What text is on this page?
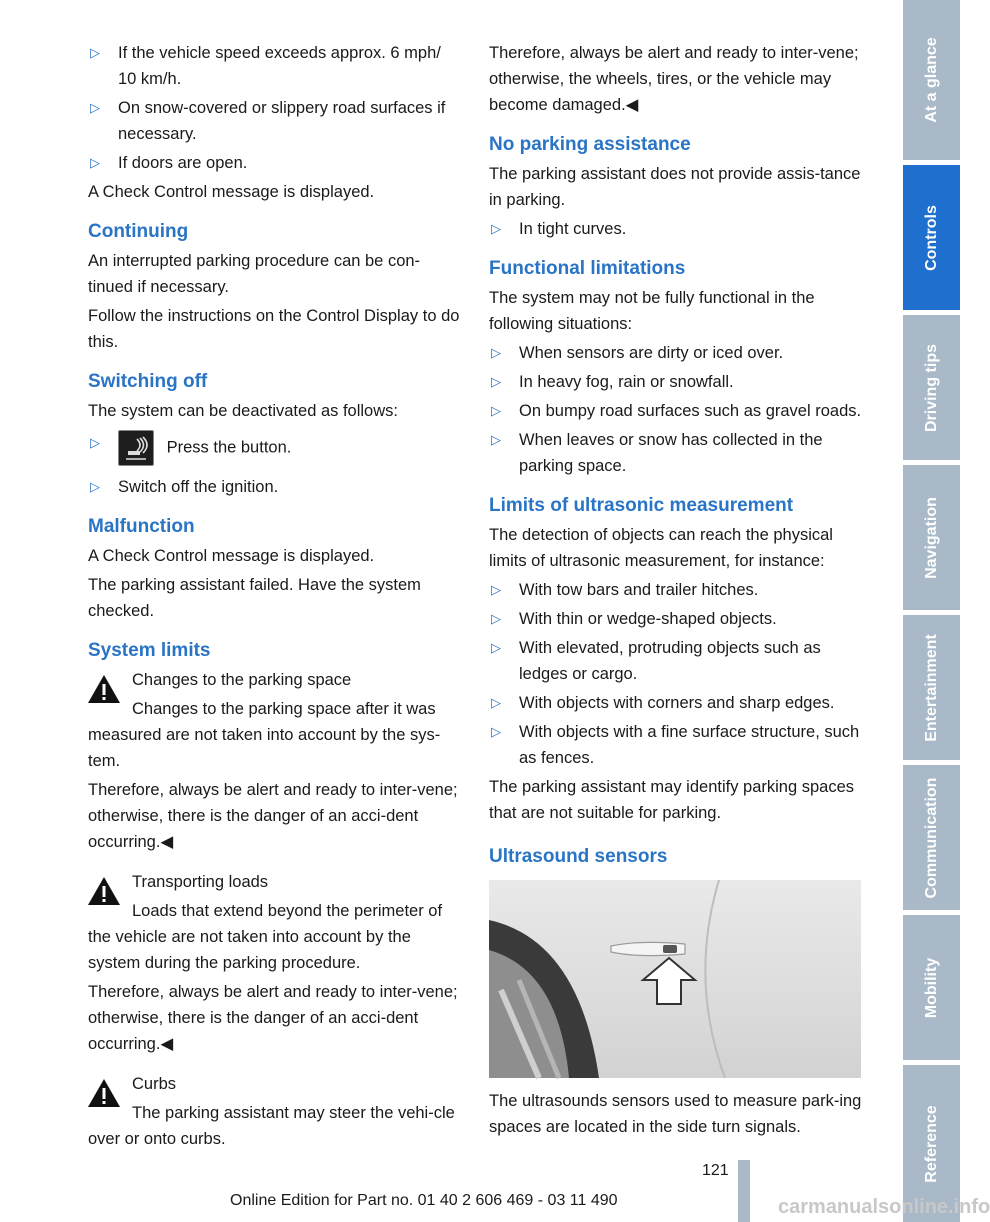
▷ If the vehicle speed exceeds approx. 6 mph/ 10 km/h.
▷ On snow-covered or slippery road surfaces if necessary.
▷ If doors are open.

A Check Control message is displayed.

Continuing

An interrupted parking procedure can be con-tinued if necessary.

Follow the instructions on the Control Display to do this.

Switching off

The system can be deactivated as follows:

▷	Press the button.
▷ Switch off the ignition.
Malfunction

A Check Control message is displayed.

The parking assistant failed. Have the system checked.

System limits

Changes to the parking space

Changes to the parking space after it was measured are not taken into account by the sys-tem.

Therefore, always be alert and ready to inter-vene; otherwise, there is the danger of an acci-dent occurring.◀

Transporting loads

Loads that extend beyond the perimeter of the vehicle are not taken into account by the system during the parking procedure.

Therefore, always be alert and ready to inter-vene; otherwise, there is the danger of an acci-dent occurring.◀

Curbs

The parking assistant may steer the vehi-cle over or onto curbs.

Therefore, always be alert and ready to inter-vene; otherwise, the wheels, tires, or the vehicle may become damaged.◀

No parking assistance

The parking assistant does not provide assis-tance in parking.

▷ In tight curves.
Functional limitations

The system may not be fully functional in the following situations:

▷ When sensors are dirty or iced over.
▷ In heavy fog, rain or snowfall.
▷ On bumpy road surfaces such as gravel roads.
▷ When leaves or snow has collected in the parking space.
Limits of ultrasonic measurement

The detection of objects can reach the physical limits of ultrasonic measurement, for instance:

▷ With tow bars and trailer hitches.
▷ With thin or wedge-shaped objects.
▷ With elevated, protruding objects such as ledges or cargo.
▷ With objects with corners and sharp edges.
▷ With objects with a fine surface structure, such as fences.

The parking assistant may identify parking spaces that are not suitable for parking.

Ultrasound sensors

The ultrasounds sensors used to measure park-ing spaces are located in the side turn signals.

At a glance
Controls
Driving tips
Navigation
Entertainment
Communication
Mobility
Reference
121
Online Edition for Part no. 01 40 2 606 469 - 03 11 490	carmanualsonline.info
